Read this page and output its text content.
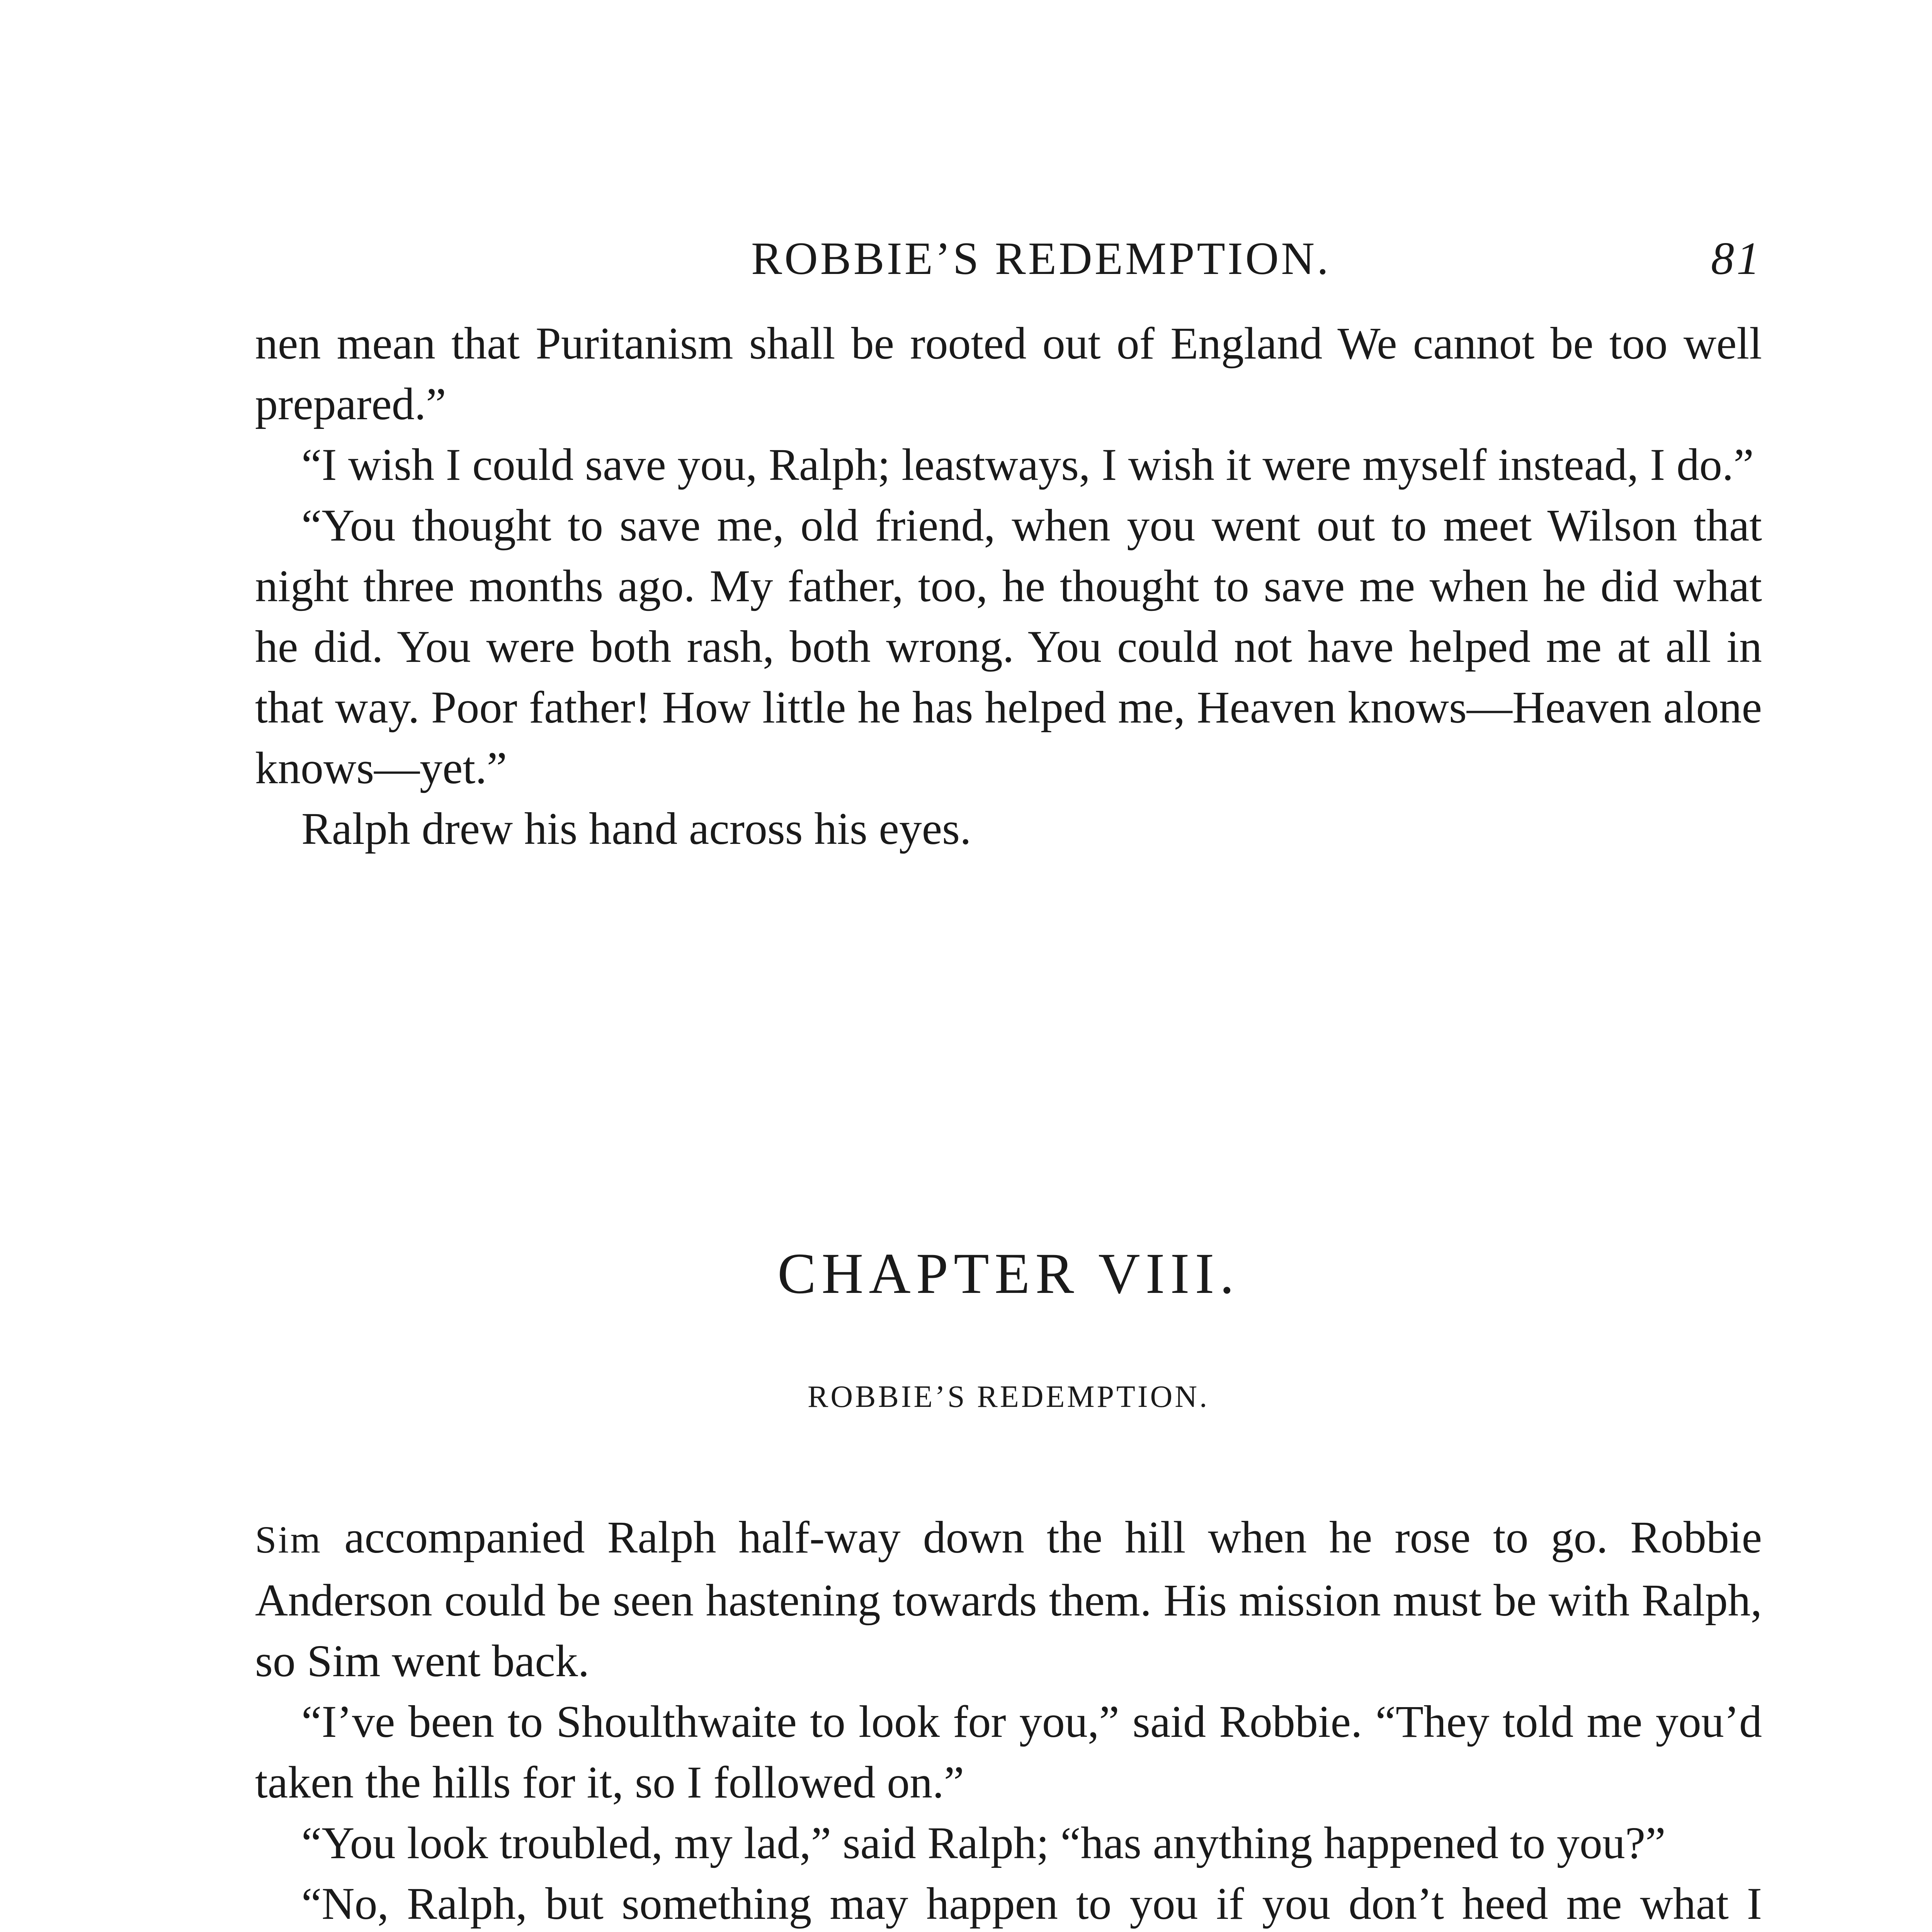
ROBBIE’S REDEMPTION.	81

nen mean that Puritanism shall be rooted out of England We cannot be too well prepared.”

“I wish I could save you, Ralph; leastways, I wish it were myself instead, I do.”

“You thought to save me, old friend, when you went out to meet Wilson that night three months ago. My father, too, he thought to save me when he did what he did. You were both rash, both wrong. You could not have helped me at all in that way. Poor father! How little he has helped me, Heaven knows—Heaven alone knows—yet.”

Ralph drew his hand across his eyes.

CHAPTER VIII.
ROBBIE’S REDEMPTION.

Sim accompanied Ralph half-way down the hill when he rose to go. Robbie Anderson could be seen hastening towards them. His mission must be with Ralph, so Sim went back.

“I’ve been to Shoulthwaite to look for you,” said Robbie. “They told me you’d taken the hills for it, so I followed on.”

“You look troubled, my lad,” said Ralph; “has anything happened to you?”

“No, Ralph, but something may happen to you if you don’t heed me what I
